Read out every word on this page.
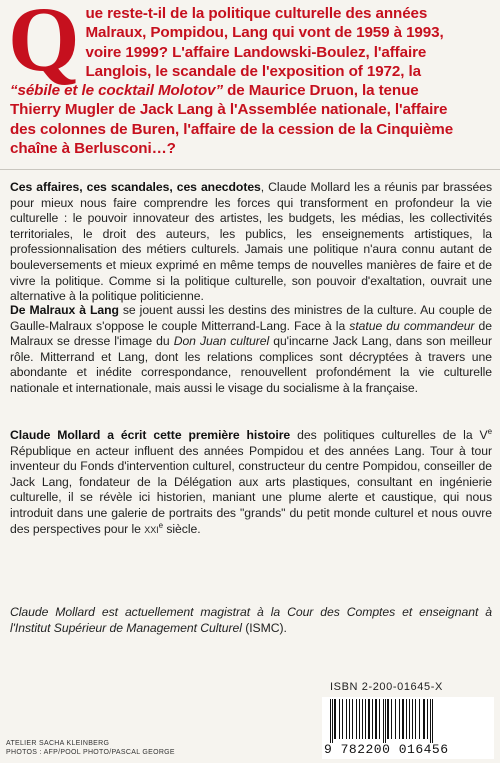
Q ue reste-t-il de la politique culturelle des années
Malraux, Pompidou, Lang qui vont de 1959 à 1993,
voire 1999? L'affaire Landowski-Boulez, l'affaire
Langlois, le scandale de l'exposition of 1972, la
“sébile et le cocktail Molotov” de Maurice Druon, la tenue
Thierry Mugler de Jack Lang à l'Assemblée nationale, l'affaire
des colonnes de Buren, l'affaire de la cession de la Cinquième
chaîne à Berlusconi…?
Ces affaires, ces scandales, ces anecdotes, Claude Mollard les a réunis par brassées pour mieux nous faire comprendre les forces qui transforment en profondeur la vie culturelle : le pouvoir innovateur des artistes, les budgets, les médias, les collectivités territoriales, le droit des auteurs, les publics, les enseignements artistiques, la professionnalisation des métiers culturels. Jamais une politique n'aura connu autant de bouleversements et mieux exprimé en même temps de nouvelles manières de faire et de vivre la politique. Comme si la politique culturelle, son pouvoir d'exaltation, ouvrait une alternative à la politique politicienne.
De Malraux à Lang se jouent aussi les destins des ministres de la culture. Au couple de Gaulle-Malraux s'oppose le couple Mitterrand-Lang. Face à la statue du commandeur de Malraux se dresse l'image du Don Juan culturel qu'incarne Jack Lang, dans son meilleur rôle. Mitterrand et Lang, dont les relations complices sont décryptées à travers une abondante et inédite correspondance, renouvellent profondément la vie culturelle nationale et internationale, mais aussi le visage du socialisme à la française.
Claude Mollard a écrit cette première histoire des politiques culturelles de la Ve République en acteur influent des années Pompidou et des années Lang. Tour à tour inventeur du Fonds d'intervention culturel, constructeur du centre Pompidou, conseiller de Jack Lang, fondateur de la Délégation aux arts plastiques, consultant en ingénierie culturelle, il se révèle ici historien, maniant une plume alerte et caustique, qui nous introduit dans une galerie de portraits des "grands" du petit monde culturel et nous ouvre des perspectives pour le XXIe siècle.
Claude Mollard est actuellement magistrat à la Cour des Comptes et enseignant à l'Institut Supérieur de Management Culturel (ISMC).
ISBN 2-200-01645-X
9 782200 016456
ATELIER SACHA KLEINBERG
PHOTOS : AFP/POOL PHOTO/PASCAL GEORGE
